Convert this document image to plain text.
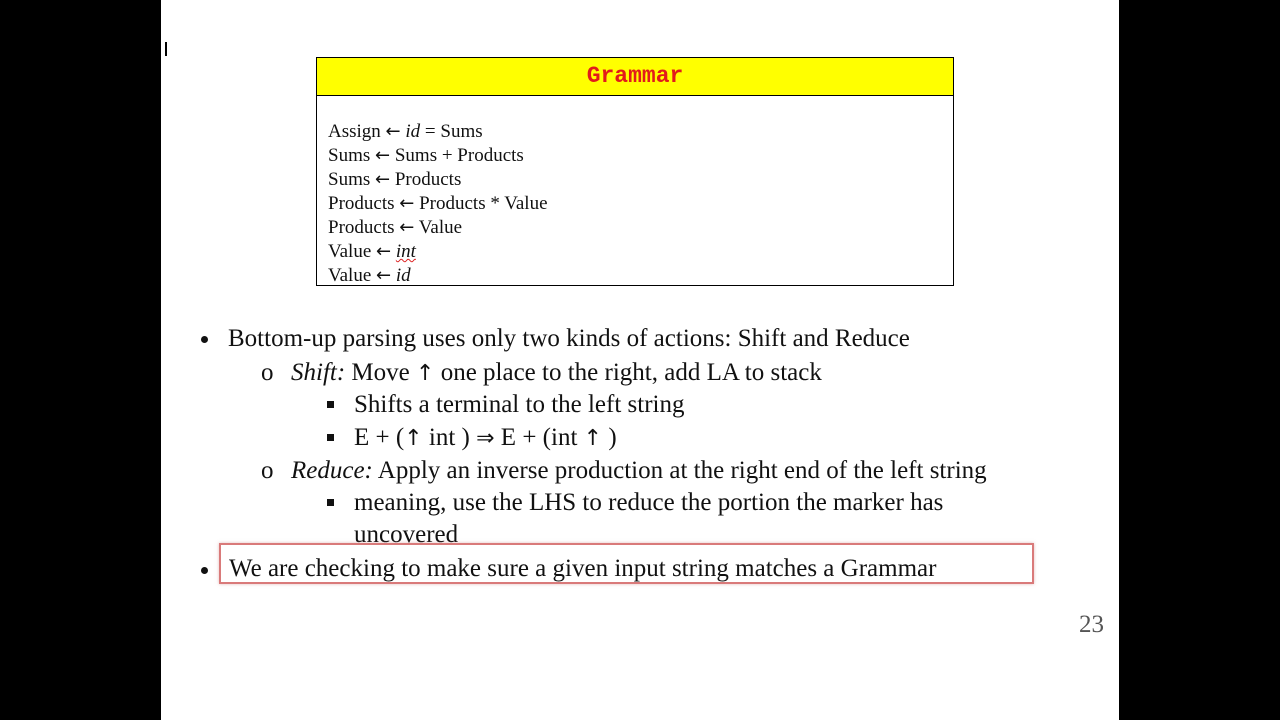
Grammar
Assign ← id = Sums
Sums ← Sums + Products
Sums ← Products
Products ← Products * Value
Products ← Value
Value ← int
Value ← id
Bottom-up parsing uses only two kinds of actions: Shift and Reduce
o Shift: Move ↑ one place to the right, add LA to stack
Shifts a terminal to the left string
E + (↑ int ) ⇒ E + (int ↑ )
o Reduce: Apply an inverse production at the right end of the left string
meaning, use the LHS to reduce the portion the marker has
uncovered
We are checking to make sure a given input string matches a Grammar
23
